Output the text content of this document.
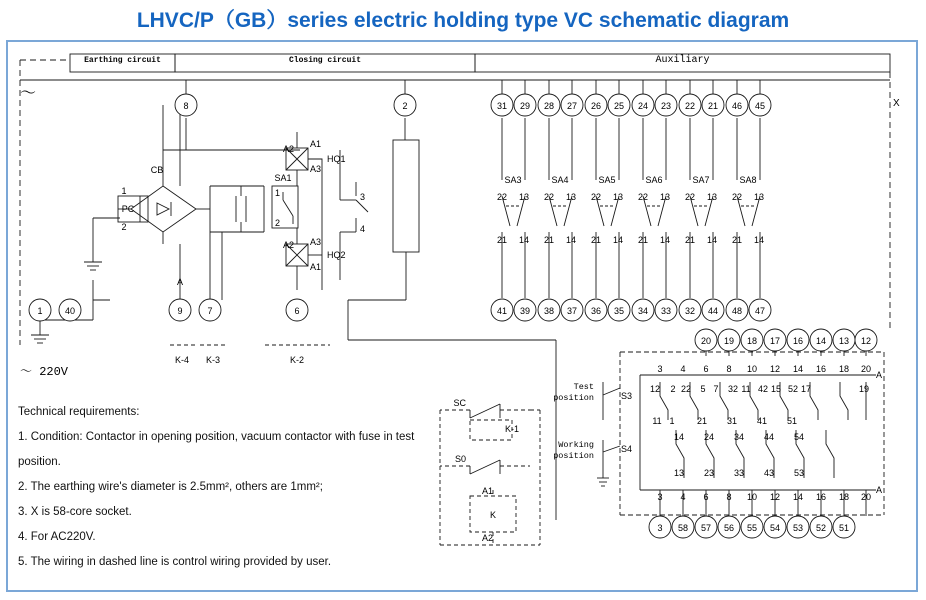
LHVC/P（GB）series electric holding type VC schematic diagram
8	2	31 29 28 27 26 25 24 23 22 21 46 45
41 39 38 37 36 35 34 33 32 44 48 47
1 40	9	7	6
20 19 18 17 16 14 13 12
3 58 57 56 55 54 53 52 51
SA3
22 13
21 14
SA4
22 13
21 14
SA5
22 13
21 14
SA6
22 13
21 14
SA7
22 13
21 14
SA8
22 13
21 14
CB
PC
1
2
HQ1
HQ2
SA1
A
A1
A2
A3
A2 A3
A1
1
2
3
4
K-4 K-3	K-2
K-1
SC
S0
K
A1
A2
Test
position
Working
position
S3
S4
A
A
12 2 22 5 7 32 11 42 15 52 17	19
11 1 21 31 41 51
14 24 34 44 54
13 23 33 43 53
3 4 6 8 10 12 14 16 18 20
3 4 6 8 10 12 14 16 18 20
Earthing circuit	Closing circuit	Auxiliary
～
～ 220V
X
Technical requirements:
1. Condition: Contactor in opening position, vacuum contactor with fuse in test
position.
2. The earthing wire's diameter is 2.5mm², others are 1mm²;
3. X is 58-core socket.
4. For AC220V.
5. The wiring in dashed line is control wiring provided by user.
